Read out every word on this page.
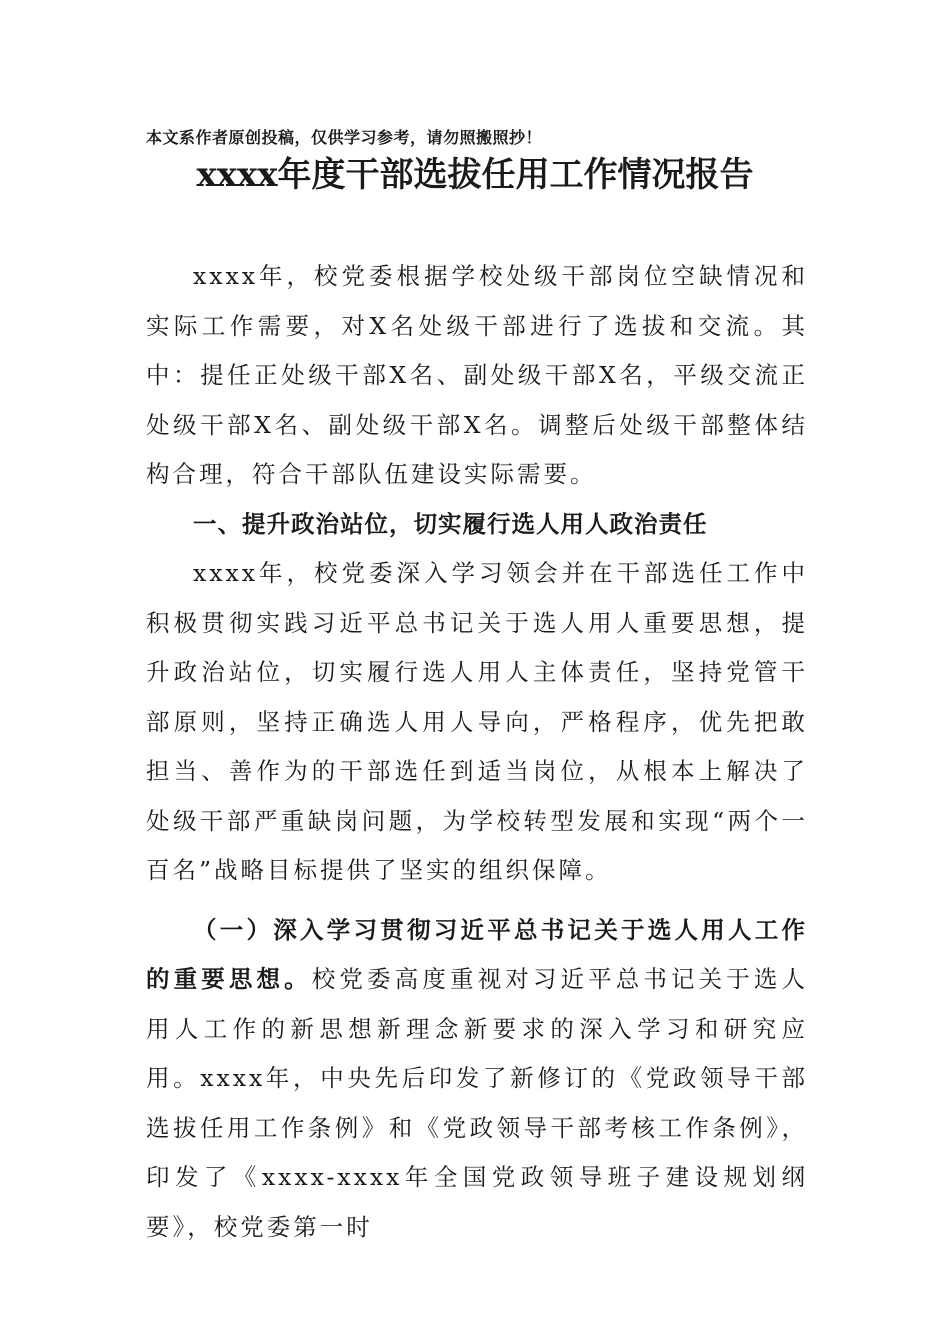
本文系作者原创投稿，仅供学习参考，请勿照搬照抄！
xxxx年度干部选拔任用工作情况报告

xxxx年，校党委根据学校处级干部岗位空缺情况和实际工作需要，对X名处级干部进行了选拔和交流。其中：提任正处级干部X名、副处级干部X名，平级交流正处级干部X名、副处级干部X名。调整后处级干部整体结构合理，符合干部队伍建设实际需要。

一、提升政治站位，切实履行选人用人政治责任

xxxx年，校党委深入学习领会并在干部选任工作中积极贯彻实践习近平总书记关于选人用人重要思想，提升政治站位，切实履行选人用人主体责任，坚持党管干部原则，坚持正确选人用人导向，严格程序，优先把敢担当、善作为的干部选任到适当岗位，从根本上解决了处级干部严重缺岗问题，为学校转型发展和实现“两个一百名”战略目标提供了坚实的组织保障。

（一）深入学习贯彻习近平总书记关于选人用人工作的重要思想。校党委高度重视对习近平总书记关于选人用人工作的新思想新理念新要求的深入学习和研究应用。xxxx年，中央先后印发了新修订的《党政领导干部选拔任用工作条例》和《党政领导干部考核工作条例》，印发了《xxxx-xxxx年全国党政领导班子建设规划纲要》，校党委第一时
